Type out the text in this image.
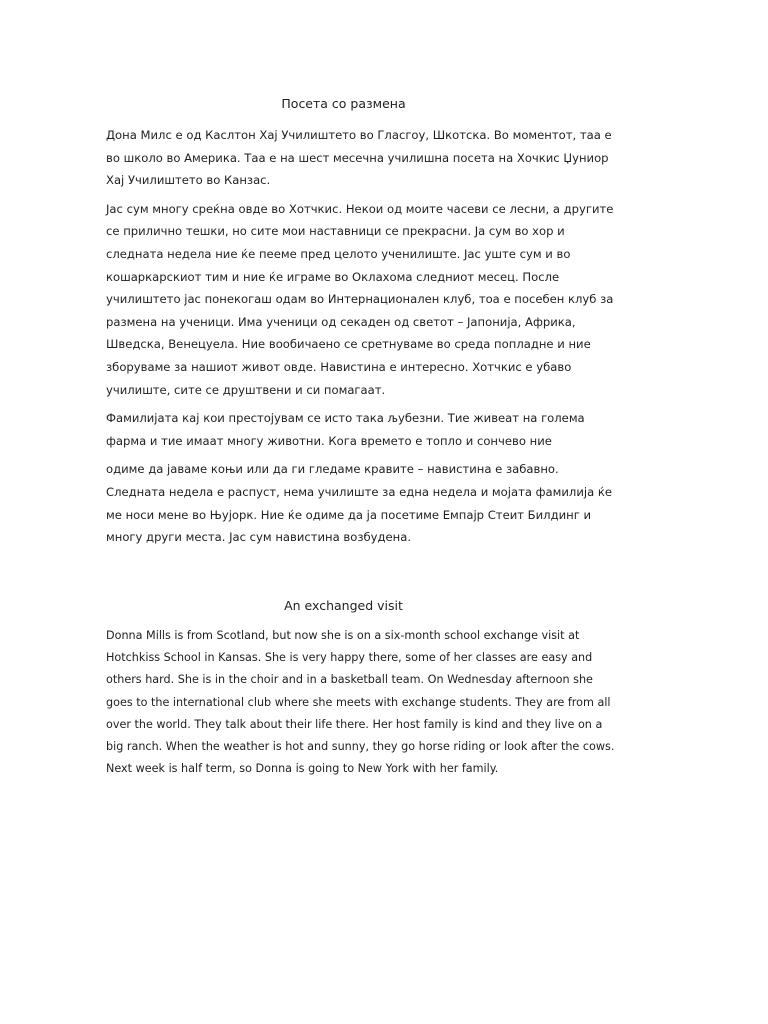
Посета со размена

Дона Милс е од Каслтон Хај Училиштето во Гласгоу, Шкотска. Во моментот, таа е во школо во Америка. Таа е на шест месечна училишна посета на Хочкис Џуниор Хај Училиштето во Канзас.

Јас сум многу среќна овде во Хотчкис. Некои од моите часеви се лесни, а другите се прилично тешки, но сите мои наставници се прекрасни. Ја сум во хор и следната недела ние ќе пееме пред целото ученилиште. Јас уште сум и во кошаркарскиот тим и ние ќе играме во Оклахома следниот месец. После училиштето јас понекогаш одам во Интернационален клуб, тоа е посебен клуб за размена на ученици. Има ученици од секаден од светот – Јапонија, Африка, Шведска, Венецуела. Ние вообичаено се сретнуваме во среда попладне и ние зборуваме за нашиот живот овде. Навистина е интересно. Хотчкис е убаво училиште, сите се друштвени и си помагаат.

Фамилијата кај кои престојувам се исто така љубезни. Тие живеат на голема фарма и тие имаат многу животни. Кога времето е топло и сончево ние

одиме да јаваме коњи или да ги гледаме кравите – навистина е забавно. Следната недела е распуст, нема училиште за една недела и мојата фамилија ќе ме носи мене во Њујорк. Ние ќе одиме да ја посетиме Емпајр Стеит Билдинг и многу други места. Јас сум навистина возбудена.

An exchanged visit

Donna Mills is from Scotland, but now she is on a six-month school exchange visit at Hotchkiss School in Kansas. She is very happy there, some of her classes are easy and others hard. She is in the choir and in a basketball team. On Wednesday afternoon she goes to the international club where she meets with exchange students. They are from all over the world. They talk about their life there. Her host family is kind and they live on a big ranch. When the weather is hot and sunny, they go horse riding or look after the cows. Next week is half term, so Donna is going to New York with her family.
